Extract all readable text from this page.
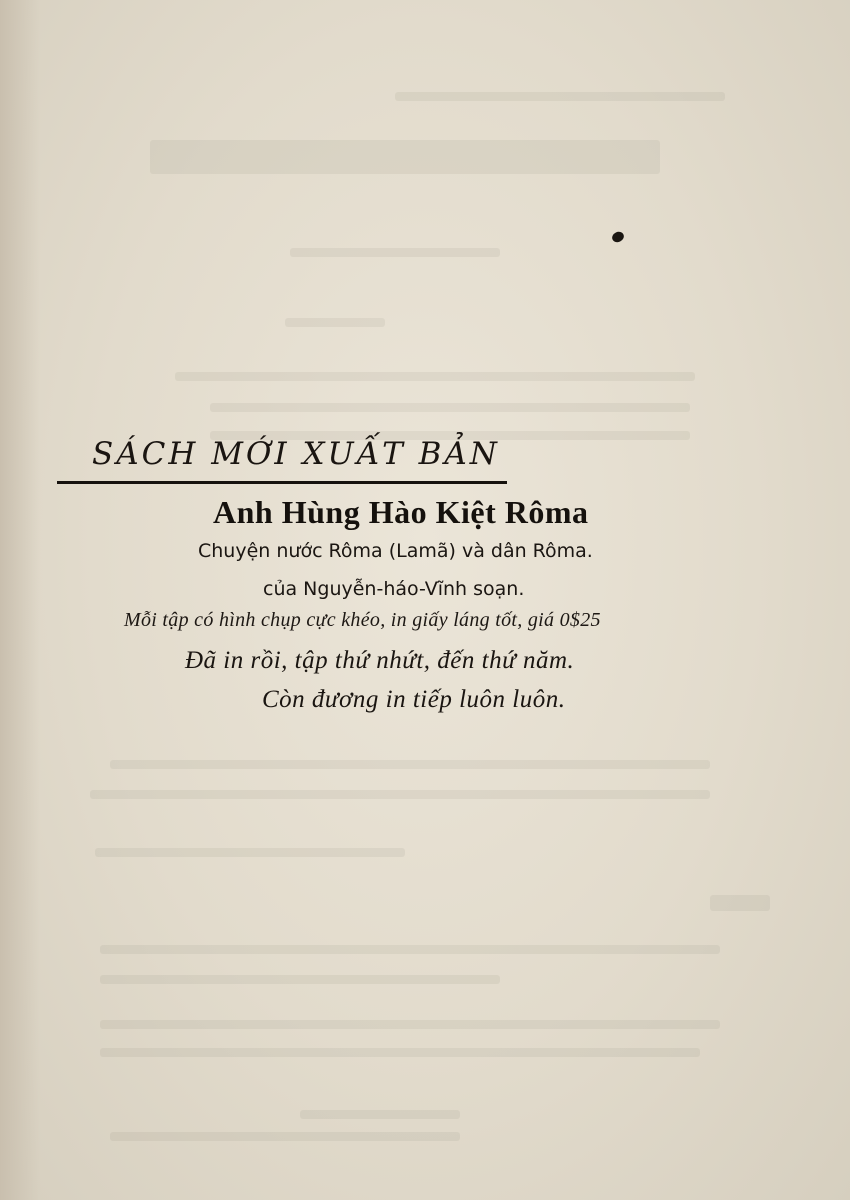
SÁCH MỚI XUẤT BẢN
Anh Hùng Hào Kiệt Rôma
Chuyện nước Rôma (Lamã) và dân Rôma.
của Nguyễn-háo-Vĩnh soạn.
Mỗi tập có hình chụp cực khéo, in giấy láng tốt, giá 0$25
Đã in rồi, tập thứ nhứt, đến thứ năm.
Còn đương in tiếp luôn luôn.
